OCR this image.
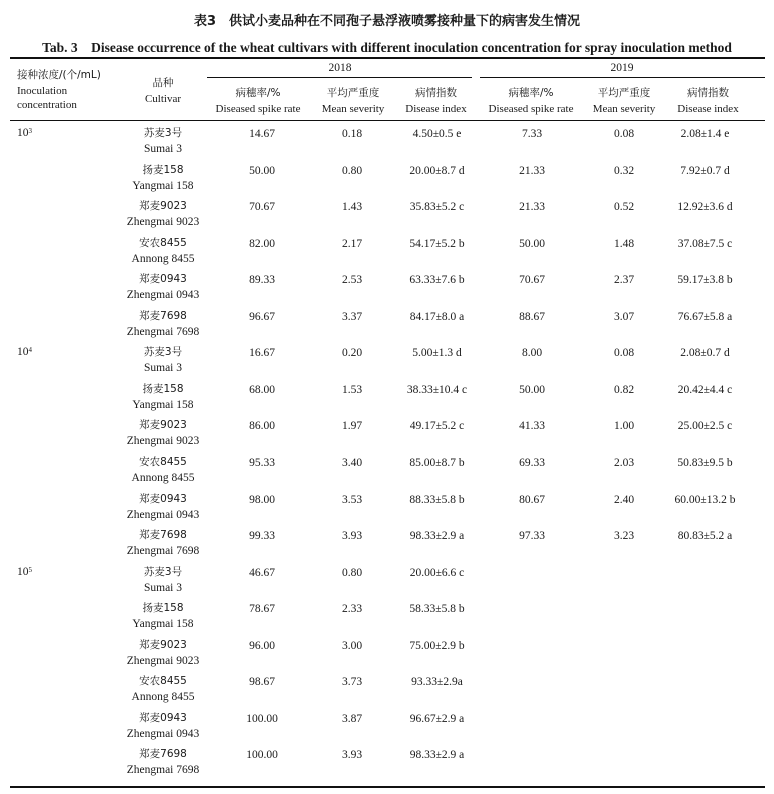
表3　供试小麦品种在不同孢子悬浮液喷雾接种量下的病害发生情况
Tab. 3　Disease occurrence of the wheat cultivars with different inoculation concentration for spray inoculation method
接种浓度/(个/mL)
Inoculation
concentration
品种
Cultivar
2018	2019
病穗率/%
Diseased spike rate
平均严重度
Mean severity
病情指数
Disease index
病穗率/%
Diseased spike rate
平均严重度
Mean severity
病情指数
Disease index
$10^3$	苏麦3号
Sumai 3
14.67	0.18	4.50±0.5 e	7.33	0.08	2.08±1.4 e
扬麦158
Yangmai 158
50.00	0.80	20.00±8.7 d	21.33	0.32	7.92±0.7 d
郑麦9023
Zhengmai 9023
70.67	1.43	35.83±5.2 c	21.33	0.52	12.92±3.6 d
安农8455
Annong 8455
82.00	2.17	54.17±5.2 b	50.00	1.48	37.08±7.5 c
郑麦0943
Zhengmai 0943
89.33	2.53	63.33±7.6 b	70.67	2.37	59.17±3.8 b
郑麦7698
Zhengmai 7698
96.67	3.37	84.17±8.0 a	88.67	3.07	76.67±5.8 a
$10^4$	苏麦3号
Sumai 3
16.67	0.20	5.00±1.3 d	8.00	0.08	2.08±0.7 d
扬麦158
Yangmai 158
68.00	1.53	38.33±10.4 c	50.00	0.82	20.42±4.4 c
郑麦9023
Zhengmai 9023
86.00	1.97	49.17±5.2 c	41.33	1.00	25.00±2.5 c
安农8455
Annong 8455
95.33	3.40	85.00±8.7 b	69.33	2.03	50.83±9.5 b
郑麦0943
Zhengmai 0943
98.00	3.53	88.33±5.8 b	80.67	2.40	60.00±13.2 b
郑麦7698
Zhengmai 7698
99.33	3.93	98.33±2.9 a	97.33	3.23	80.83±5.2 a
$10^5$	苏麦3号
Sumai 3
46.67	0.80	20.00±6.6 c
扬麦158
Yangmai 158
78.67	2.33	58.33±5.8 b
郑麦9023
Zhengmai 9023
96.00	3.00	75.00±2.9 b
安农8455
Annong 8455
98.67	3.73	93.33±2.9a
郑麦0943
Zhengmai 0943
100.00	3.87	96.67±2.9 a
郑麦7698
Zhengmai 7698
100.00	3.93	98.33±2.9 a
